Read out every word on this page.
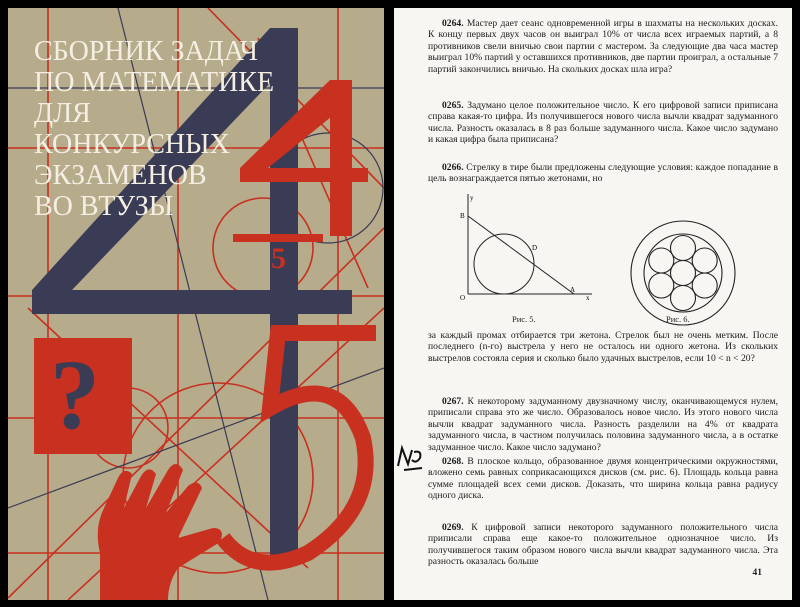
СБОРНИК ЗАДАЧ
ПО МАТЕМАТИКЕ
ДЛЯ
КОНКУРСНЫХ
ЭКЗАМЕНОВ
ВО ВТУЗЫ
5
?
0264. Мастер дает сеанс одновременной игры в шахматы на нескольких досках. К концу первых двух часов он выиграл 10% от числа всех играемых партий, а 8 противников свели вничью свои партии с мастером. За следующие два часа мастер выиграл 10% партий у оставшихся противников, две партии проиграл, а остальные 7 партий закончились вничью. На скольких досках шла игра?
0265. Задумано целое положительное число. К его цифровой записи приписана справа какая-то цифра. Из получившегося нового числа вычли квадрат задуманного числа. Разность оказалась в 8 раз больше задуманного числа. Какое число задумано и какая цифра была приписана?
0266. Стрелку в тире были предложены следующие условия: каждое попадание в цель вознаграждается пятью жетонами, но
y
B
D
O
A
x
Рис. 5.	Рис. 6.
за каждый промах отбирается три жетона. Стрелок был не очень метким. После последнего (n-го) выстрела у него не осталось ни одного жетона. Из скольких выстрелов состояла серия и сколько было удачных выстрелов, если 10 < n < 20?
0267. К некоторому задуманному двузначному числу, оканчивающемуся нулем, приписали справа это же число. Образовалось новое число. Из этого нового числа вычли квадрат задуманного числа. Разность разделили на 4% от квадрата задуманного числа, в частном получилась половина задуманного числа, а в остатке задуманное число. Какое число задумано?
0268. В плоское кольцо, образованное двумя концентрическими окружностями, вложено семь равных соприкасающихся дисков (см. рис. 6). Площадь кольца равна сумме площадей всех семи дисков. Доказать, что ширина кольца равна радиусу одного диска.
0269. К цифровой записи некоторого задуманного положительного числа приписали справа еще какое-то положительное однозначное число. Из получившегося таким образом нового числа вычли квадрат задуманного числа. Эта разность оказалась больше
41
